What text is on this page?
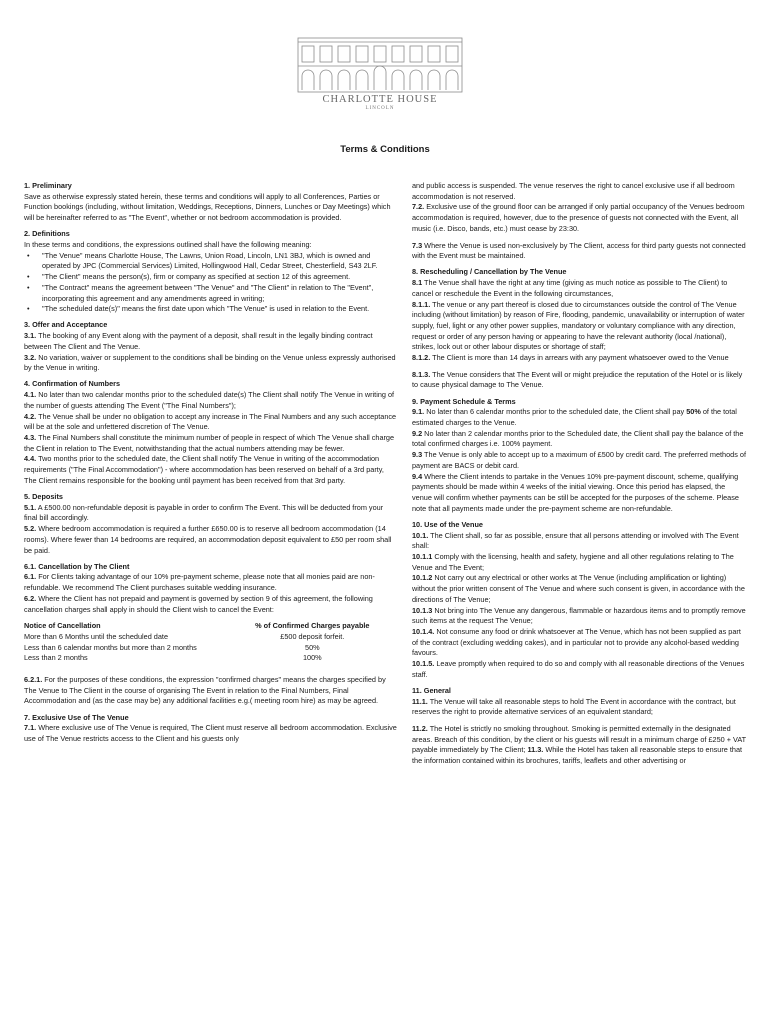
CHARLOTTE HOUSE
LINCOLN
Terms & Conditions
1. Preliminary

Save as otherwise expressly stated herein, these terms and conditions will apply to all Conferences, Parties or Function bookings (including, without limitation, Weddings, Receptions, Dinners, Lunches or Day Meetings) which will be hereinafter referred to as "The Event", whether or not bedroom accommodation is provided.

2. Definitions

In these terms and conditions, the expressions outlined shall have the following meaning:

• "The Venue" means Charlotte House, The Lawns, Union Road, Lincoln, LN1 3BJ, which is owned and operated by JPC (Commercial Services) Limited, Hollingwood Hall, Cedar Street, Chesterfield, S43 2LF.
• "The Client" means the person(s), firm or company as specified at section 12 of this agreement.
• "The Contract" means the agreement between "The Venue" and "The Client" in relation to The "Event", incorporating this agreement and any amendments agreed in writing;
• "The scheduled date(s)" means the first date upon which "The Venue" is used in relation to the Event.
3. Offer and Acceptance

3.1. The booking of any Event along with the payment of a deposit, shall result in the legally binding contract between The Client and The Venue.

3.2. No variation, waiver or supplement to the conditions shall be binding on the Venue unless expressly authorised by the Venue in writing.

4. Confirmation of Numbers

4.1. No later than two calendar months prior to the scheduled date(s) The Client shall notify The Venue in writing of the number of guests attending The Event ("The Final Numbers");

4.2. The Venue shall be under no obligation to accept any increase in The Final Numbers and any such acceptance will be at the sole and unfettered discretion of The Venue.

4.3. The Final Numbers shall constitute the minimum number of people in respect of which The Venue shall charge the Client in relation to The Event, notwithstanding that the actual numbers attending may be fewer.

4.4. Two months prior to the scheduled date, the Client shall notify The Venue in writing of the accommodation requirements ("The Final Accommodation") - where accommodation has been reserved on behalf of a 3rd party, The Client remains responsible for the booking until payment has been received from that 3rd party.

5. Deposits

5.1. A £500.00 non-refundable deposit is payable in order to confirm The Event. This will be deducted from your final bill accordingly.

5.2. Where bedroom accommodation is required a further £650.00 is to reserve all bedroom accommodation (14 rooms). Where fewer than 14 bedrooms are required, an accommodation deposit equivalent to £50 per room shall be paid.

6.1. Cancellation by The Client

6.1. For Clients taking advantage of our 10% pre-payment scheme, please note that all monies paid are non-refundable. We recommend The Client purchases suitable wedding insurance.

6.2. Where the Client has not prepaid and payment is governed by section 9 of this agreement, the following cancellation charges shall apply in should the Client wish to cancel the Event:

Notice of Cancellation	% of Confirmed Charges payable
More than 6 Months until the scheduled date	£500 deposit forfeit.
Less than 6 calendar months but more than 2 months	50%
Less than 2 months	100%

6.2.1. For the purposes of these conditions, the expression "confirmed charges" means the charges specified by The Venue to The Client in the course of organising The Event in relation to the Final Numbers, Final Accommodation and (as the case may be) any additional facilities e.g.( meeting room hire) as may be agreed.

7. Exclusive Use of The Venue

7.1. Where exclusive use of The Venue is required, The Client must reserve all bedroom accommodation. Exclusive use of The Venue restricts access to the Client and his guests only

and public access is suspended. The venue reserves the right to cancel exclusive use if all bedroom accommodation is not reserved.

7.2. Exclusive use of the ground floor can be arranged if only partial occupancy of the Venues bedroom accommodation is required, however, due to the presence of guests not connected with the Event, all music (i.e. Disco, bands, etc.) must cease by 23:30.

7.3 Where the Venue is used non-exclusively by The Client, access for third party guests not connected with the Event must be maintained.

8. Rescheduling / Cancellation by The Venue

8.1 The Venue shall have the right at any time (giving as much notice as possible to The Client) to cancel or reschedule the Event in the following circumstances,

8.1.1. The venue or any part thereof is closed due to circumstances outside the control of The Venue including (without limitation) by reason of Fire, flooding, pandemic, unavailability or interruption of water supply, fuel, light or any other power supplies, mandatory or voluntary compliance with any direction, request or order of any person having or appearing to have the relevant authority (local /national), strikes, lock out or other labour disputes or shortage of staff;

8.1.2. The Client is more than 14 days in arrears with any payment whatsoever owed to the Venue

8.1.3. The Venue considers that The Event will or might prejudice the reputation of the Hotel or is likely to cause physical damage to The Venue.

9. Payment Schedule & Terms

9.1. No later than 6 calendar months prior to the scheduled date, the Client shall pay 50% of the total estimated charges to the Venue.

9.2 No later than 2 calendar months prior to the Scheduled date, the Client shall pay the balance of the total confirmed charges i.e. 100% payment.

9.3 The Venue is only able to accept up to a maximum of £500 by credit card. The preferred methods of payment are BACS or debit card.

9.4 Where the Client intends to partake in the Venues 10% pre-payment discount, scheme, qualifying payments should be made within 4 weeks of the initial viewing. Once this period has elapsed, the venue will confirm whether payments can be still be accepted for the purposes of the scheme. Please note that all payments made under the pre-payment scheme are non-refundable.

10. Use of the Venue

10.1. The Client shall, so far as possible, ensure that all persons attending or involved with The Event shall:

10.1.1 Comply with the licensing, health and safety, hygiene and all other regulations relating to The Venue and The Event;

10.1.2 Not carry out any electrical or other works at The Venue (including amplification or lighting) without the prior written consent of The Venue and where such consent is given, in accordance with the directions of The Venue;

10.1.3 Not bring into The Venue any dangerous, flammable or hazardous items and to promptly remove such items at the request The Venue;

10.1.4. Not consume any food or drink whatsoever at The Venue, which has not been supplied as part of the contract (excluding wedding cakes), and in particular not to provide any alcohol-based wedding favours.

10.1.5. Leave promptly when required to do so and comply with all reasonable directions of the Venues staff.

11. General

11.1. The Venue will take all reasonable steps to hold The Event in accordance with the contract, but reserves the right to provide alternative services of an equivalent standard;

11.2. The Hotel is strictly no smoking throughout. Smoking is permitted externally in the designated areas. Breach of this condition, by the client or his guests will result in a minimum charge of £250 + VAT payable immediately by The Client; 11.3. While the Hotel has taken all reasonable steps to ensure that the information contained within its brochures, tariffs, leaflets and other advertising or
